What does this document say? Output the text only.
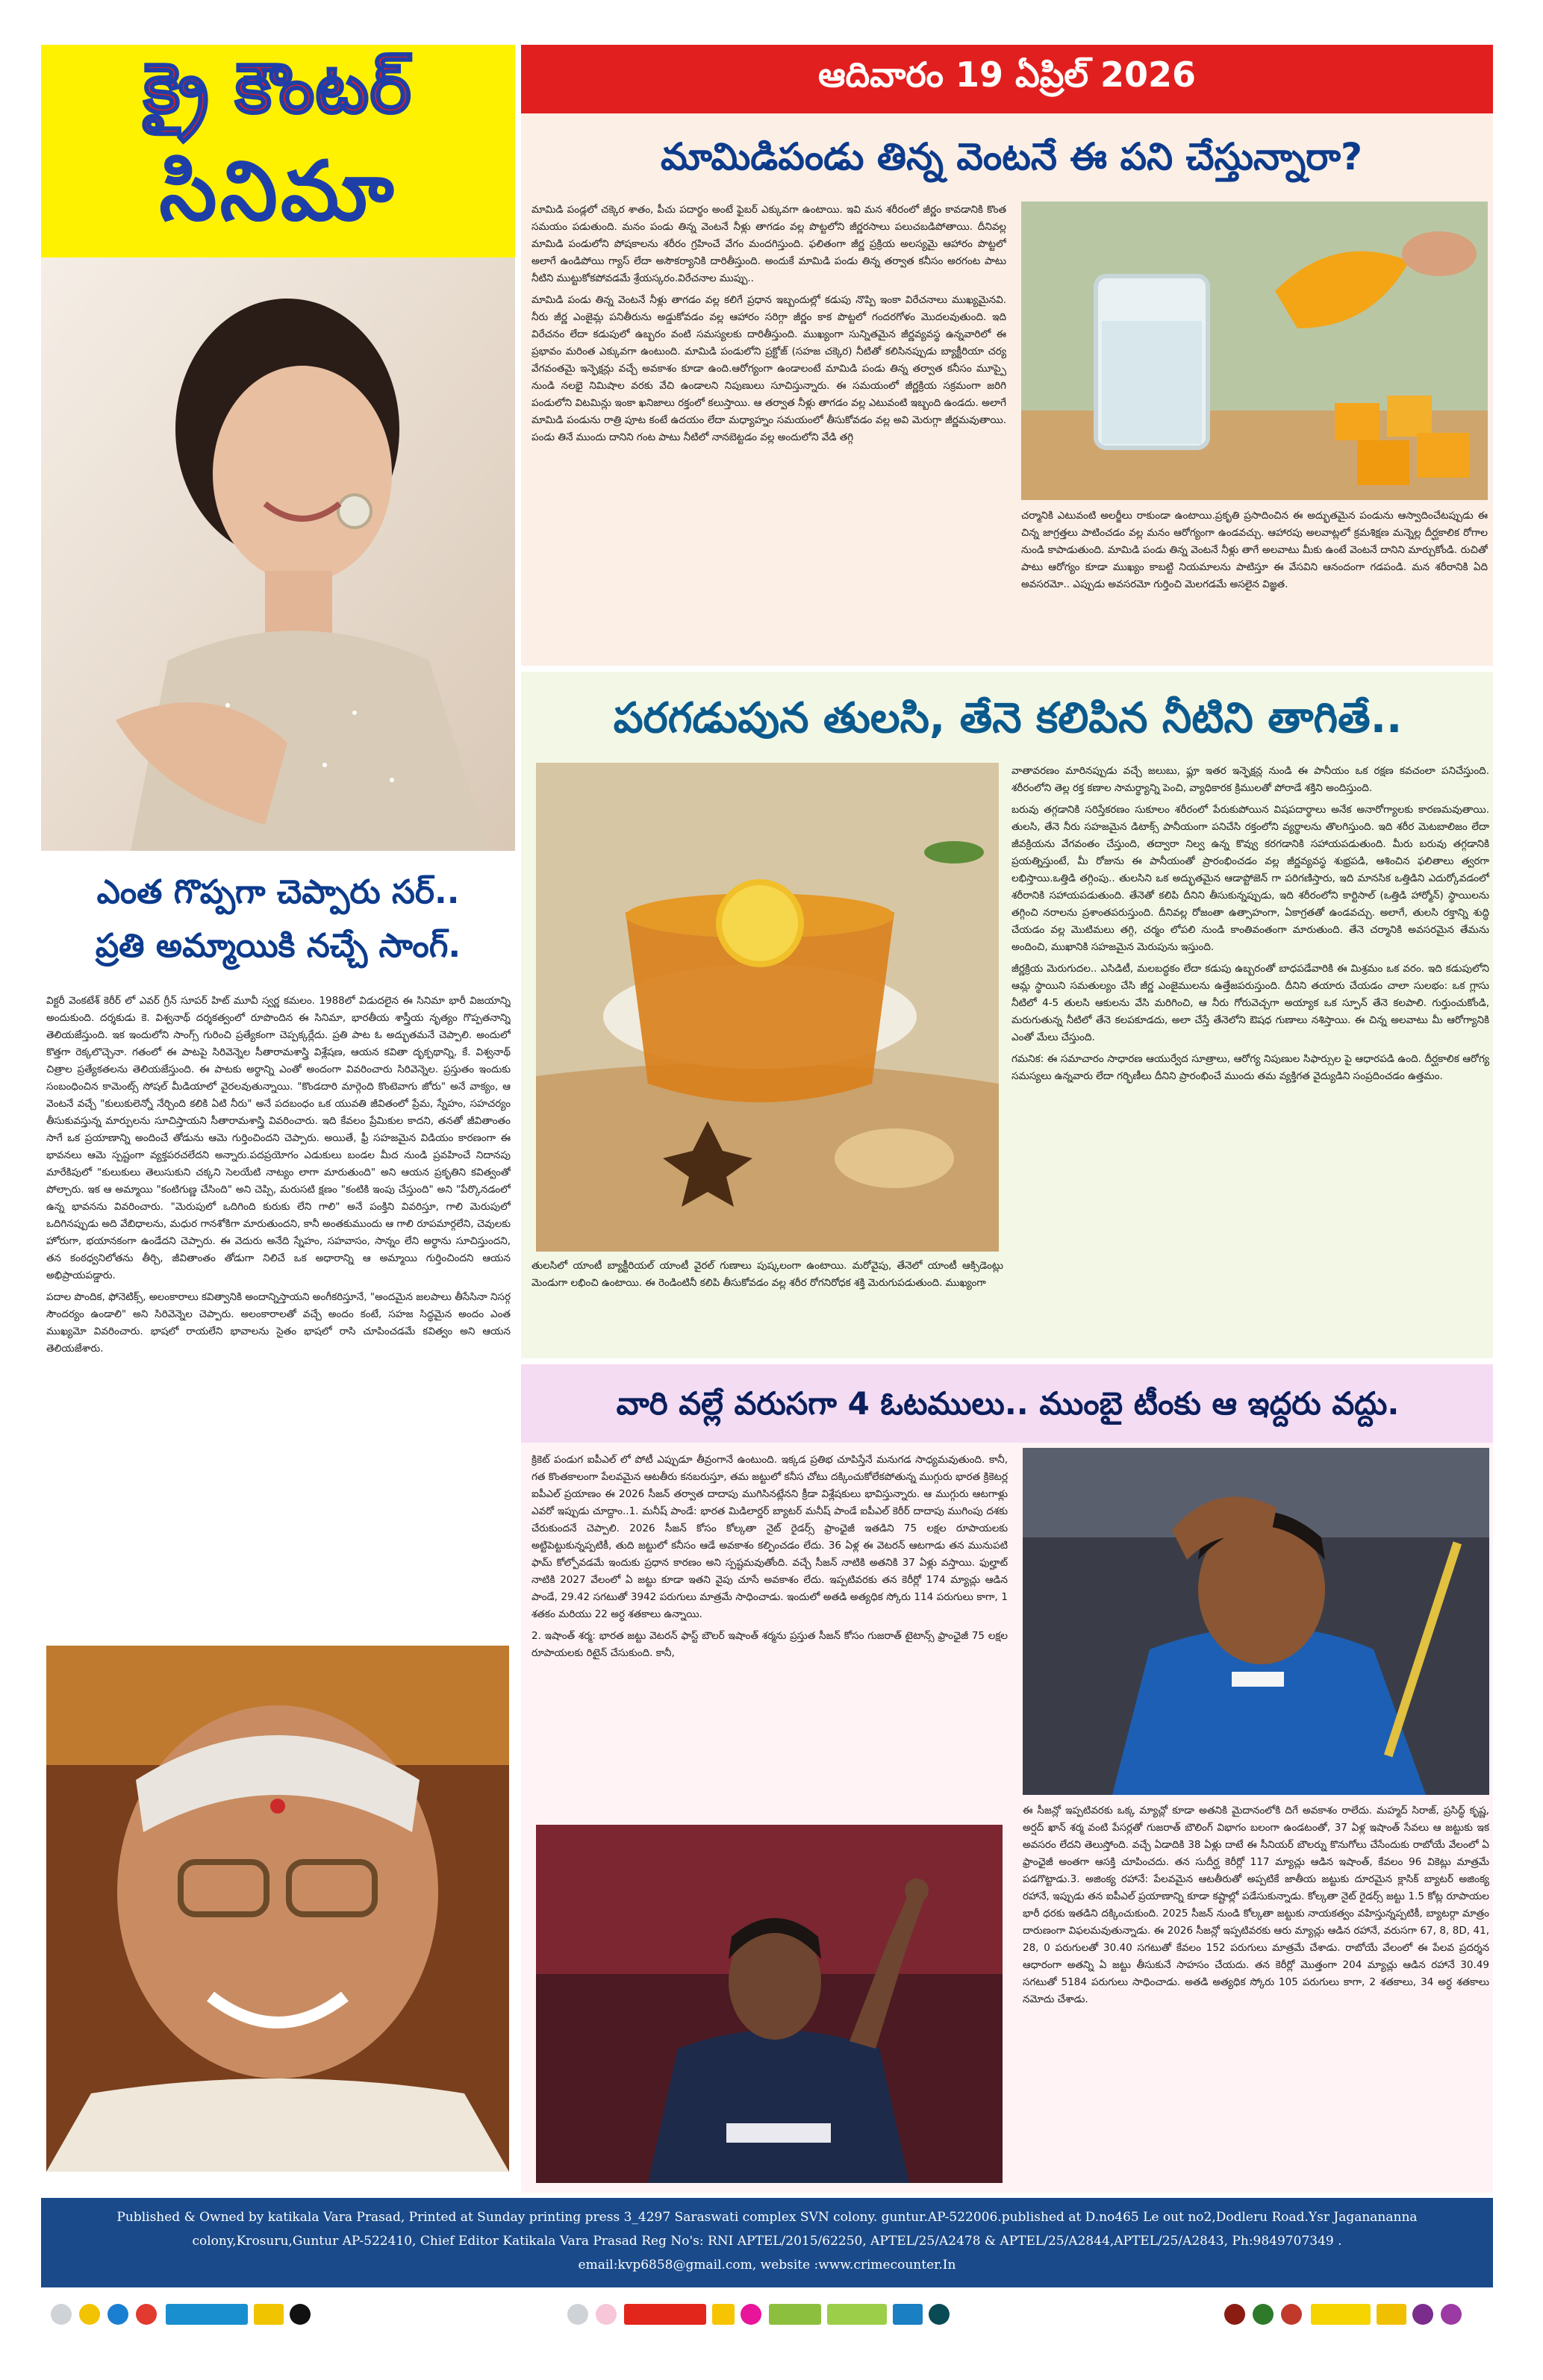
క్రై కౌంటర్
సినిమా
ఆదివారం 19 ఏప్రిల్ 2026
ఎంత గొప్పగా చెప్పారు సర్..
ప్రతి అమ్మాయికి నచ్చే సాంగ్.

విక్టరీ వెంకటేశ్ కెరీర్ లో ఎవర్ గ్రీన్ సూపర్ హిట్ మూవీ స్వర్ణ కమలం. 1988లో విడుదలైన ఈ సినిమా భారీ విజయాన్ని అందుకుంది. దర్శకుడు కె. విశ్వనాథ్ దర్శకత్వంలో రూపొందిన ఈ సినిమా, భారతీయ శాస్త్రీయ నృత్యం గొప్పతనాన్ని తెలియజేస్తుంది. ఇక ఇందులోని సాంగ్స్ గురించి ప్రత్యేకంగా చెప్పక్కర్లేదు. ప్రతి పాట ఓ అద్భుతమనే చెప్పాలి. అందులో కొత్తగా రెక్కలొచ్చెనా. గతంలో ఈ పాటపై సిరివెన్నెల సీతారామశాస్త్రి విశ్లేషణ, ఆయన కవితా దృక్పథాన్ని, కే. విశ్వనాథ్ చిత్రాల ప్రత్యేకతలను తెలియజేస్తుంది. ఈ పాటకు అర్థాన్ని ఎంతో అందంగా వివరించారు సిరివెన్నెల. ప్రస్తుతం ఇందుకు సంబంధించిన కామెంట్స్ సోషల్ మీడియాలో వైరలవుతున్నాయి. "కొండదారి మార్గెంది కొంటెవాగు జోరు" అనే వాక్యం, ఆ వెంటనే వచ్చే "కులుకులెన్నో నేర్చింది కలికి ఏటి నీరు" అనే పదబంధం ఒక యువతి జీవితంలో ప్రేమ, స్నేహం, సహచర్యం తీసుకువస్తున్న మార్పులను సూచిస్తాయని సీతారామశాస్త్రి వివరించారు. ఇది కేవలం ప్రేమికుల కాదని, తనతో జీవితాంతం సాగే ఒక ప్రయాణాన్ని అందించే తోడును ఆమె గుర్తించిందని చెప్పారు. అయితే, ఫ్రీ సహజమైన విడియం కారణంగా ఈ భావనలు ఆమె స్పష్టంగా వ్యక్తపరచలేదని అన్నారు.పదప్రయోగం ఎడుకులు బండల మీద నుండి ప్రవహించే నిదానపు మారేకిపులో "కులుకులు తెలుసుకుని చక్కని సెలయేటి నాట్యం లాగా మారుతుంది" అని ఆయన ప్రకృతిని కవిత్వంతో పోల్చారు. ఇక ఆ అమ్మాయి "కంటిగుణ్ణ చేసింది" అని చెప్పి, మరుసటి క్షణం "కంటికి ఇంపు చేస్తుంది" అని "పేర్కొనడంలో ఉన్న భావనను వివరించారు. "మెరుపులో ఒదిగింది కురుకు లేని గాలి" అనే పంక్తిని వివరిస్తూ, గాలి మెరుపులో ఒదిగినప్పుడు అది వేబిధాలను, మధుర గానశోకిగా మారుతుందని, కానీ అంతకుముందు ఆ గాలి రూపమార్గలేని, చెవులకు హోరుగా, భయానకంగా ఉండేదని చెప్పారు. ఈ వెదురు అనేది స్నేహం, సహవాసం, సాన్నం లేని అర్థాను సూచిస్తుందని, తన కంఠధ్వనిలోతను తీర్చి, జీవితాంతం తోడుగా నిలిచే ఒక అధారాన్ని ఆ అమ్మాయి గుర్తించిందని ఆయన అభిప్రాయపడ్డారు.

పదాల పొందిక, ఫోనెటిక్స్, అలంకారాలు కవిత్వానికి అందాన్నిస్తాయని అంగీకరిస్తూనే, "అందమైన జలపాలు తీసేసినా నిసర్గ సౌందర్యం ఉండాలి" అని సిరివెన్నెల చెప్పారు. అలంకారాలతో వచ్చే అందం కంటే, సహజ సిద్ధమైన అందం ఎంత ముఖ్యమో వివరించారు. భాషలో రాయలేని భావాలను సైతం భాషలో రాసి చూపించడమే కవిత్వం అని ఆయన తెలియజేశారు.

మామిడిపండు తిన్న వెంటనే ఈ పని చేస్తున్నారా?

మామిడి పండ్లలో చక్కెర శాతం, పీచు పదార్థం అంటే ఫైబర్ ఎక్కువగా ఉంటాయి. ఇవి మన శరీరంలో జీర్ణం కావడానికి కొంత సమయం పడుతుంది. మనం పండు తిన్న వెంటనే నీళ్లు తాగడం వల్ల పొట్టలోని జీర్ణరసాలు పలుచబడిపోతాయి. దీనివల్ల మామిడి పండులోని పోషకాలను శరీరం గ్రహించే వేగం మందగిస్తుంది. ఫలితంగా జీర్ణ ప్రక్రియ అలస్యమై ఆహారం పొట్టలో అలాగే ఉండిపోయి గ్యాస్ లేదా అసౌకర్యానికి దారితీస్తుంది. అందుకే మామిడి పండు తిన్న తర్వాత కనీసం అరగంట పాటు నీటిని ముట్టుకోకపోవడమే శ్రేయస్కరం.విరేచనాల ముప్పు..

మామిడి పండు తిన్న వెంటనే నీళ్లు తాగడం వల్ల కలిగే ప్రధాన ఇబ్బందుల్లో కడుపు నొప్పి ఇంకా విరేచనాలు ముఖ్యమైనవి. నీరు జీర్ణ ఎంజైమ్ల పనితీరును అడ్డుకోవడం వల్ల ఆహారం సరిగ్గా జీర్ణం కాక పొట్టలో గందరగోళం మొదలవుతుంది. ఇది విరేచనం లేదా కడుపులో ఉబ్బరం వంటి సమస్యలకు దారితీస్తుంది. ముఖ్యంగా సున్నితమైన జీర్ణవ్యవస్థ ఉన్నవారిలో ఈ ప్రభావం మరింత ఎక్కువగా ఉంటుంది. మామిడి పండులోని ప్రక్టోజ్ (సహజ చక్కెర) నీటితో కలిసినప్పుడు బ్యాక్టీరియా చర్య వేగవంతమై ఇన్ఫెక్షన్లు వచ్చే అవకాశం కూడా ఉంది.ఆరోగ్యంగా ఉండాలంటే మామిడి పండు తిన్న తర్వాత కనీసం మూప్పై నుండి నలభై నిమిషాల వరకు వేచి ఉండాలని నిపుణులు సూచిస్తున్నారు. ఈ సమయంలో జీర్ణక్రియ సక్రమంగా జరిగి పండులోని విటమిన్లు ఇంకా ఖనిజాలు రక్తంలో కలుస్తాయి. ఆ తర్వాత నీళ్లు తాగడం వల్ల ఎటువంటి ఇబ్బంది ఉండదు. అలాగే మామిడి పండును రాత్రి పూట కంటే ఉదయం లేదా మధ్యాహ్నం సమయంలో తీసుకోవడం వల్ల అవి మెరుగ్గా జీర్ణమవుతాయి. పండు తినే ముందు దానిని గంట పాటు నీటిలో నానబెట్టడం వల్ల అందులోని వేడి తగ్గి

చర్మానికి ఎటువంటి అలర్జీలు రాకుండా ఉంటాయి.ప్రకృతి ప్రసాదించిన ఈ అద్భుతమైన పండును ఆస్వాదించేటప్పుడు ఈ చిన్న జాగ్రత్తలు పాటించడం వల్ల మనం ఆరోగ్యంగా ఉండవచ్చు. ఆహారపు అలవాట్లలో క్రమశిక్షణ మన్నెల్ల దీర్ఘకాలిక రోగాల నుండి కాపాడుతుంది. మామిడి పండు తిన్న వెంటనే నీళ్లు తాగే అలవాటు మీకు ఉంటే వెంటనే దానిని మార్చుకోండి. రుచితో పాటు ఆరోగ్యం కూడా ముఖ్యం కాబట్టి నియమాలను పాటిస్తూ ఈ వేసవిని ఆనందంగా గడపండి. మన శరీరానికి ఏది అవసరమో.. ఎప్పుడు అవసరమో గుర్తించి మెలగడమే అసలైన విజ్ఞత.

పరగడుపున తులసి, తేనె కలిపిన నీటిని తాగితే..

తులసిలో యాంటీ బ్యాక్టీరియల్ యాంటీ వైరల్ గుణాలు పుష్కలంగా ఉంటాయి. మరోవైపు, తేనెలో యాంటీ ఆక్సిడెంట్లు మెండుగా లభించి ఉంటాయి. ఈ రెండింటినీ కలిపి తీసుకోవడం వల్ల శరీర రోగనిరోధక శక్తి మెరుగుపడుతుంది. ముఖ్యంగా

వాతావరణం మారినప్పుడు వచ్చే జలుబు, ఫ్లూ ఇతర ఇన్ఫెక్షన్ల నుండి ఈ పానీయం ఒక రక్షణ కవచంలా పనిచేస్తుంది. శరీరంలోని తెల్ల రక్త కణాల సామర్థ్యాన్ని పెంచి, వ్యాధికారక క్రిములతో పోరాడే శక్తిని అందిస్తుంది.

బరువు తగ్గడానికి సరిస్తేకరణం సుకూలం శరీరంలో పేరుకుపోయిన విషపదార్థాలు అనేక అనారోగ్యాలకు కారణమవుతాయి. తులసి, తేనె నీరు సహజమైన డిటాక్స్ పానీయంగా పనిచేసి రక్తంలోని వ్యర్థాలను తొలగిస్తుంది. ఇది శరీర మెటబాలిజం లేదా జీవక్రియను వేగవంతం చేస్తుంది, తద్వారా నిల్వ ఉన్న కొవ్వు కరగడానికి సహాయపడుతుంది. మీరు బరువు తగ్గడానికి ప్రయత్నిస్తుంటే, మీ రోజును ఈ పానీయంతో ప్రారంభించడం వల్ల జీర్ణవ్యవస్థ శుభ్రపడి, ఆశించిన ఫలితాలు త్వరగా లభిస్తాయి.ఒత్తిడి తగ్గింపు.. తులసిని ఒక అద్భుతమైన ఆడాప్టోజెన్ గా పరిగణిస్తారు, ఇది మానసిక ఒత్తిడిని ఎదుర్కోవడంలో శరీరానికి సహాయపడుతుంది. తేనెతో కలిపి దీనిని తీసుకున్నప్పుడు, ఇది శరీరంలోని కార్టిసాల్ (ఒత్తిడి హార్మోన్) స్థాయిలను తగ్గించి నరాలను ప్రశాంతపరుస్తుంది. దీనివల్ల రోజంతా ఉత్సాహంగా, ఏకాగ్రతతో ఉండవచ్చు. అలాగే, తులసి రక్తాన్ని శుద్ధి చేయడం వల్ల మొటిమలు తగ్గి, చర్మం లోపలి నుండి కాంతివంతంగా మారుతుంది. తేనె చర్మానికి అవసరమైన తేమను అందించి, ముఖానికి సహజమైన మెరుపును ఇస్తుంది.

జీర్ణక్రియ మెరుగుదల.. ఎసిడిటీ, మలబద్ధకం లేదా కడుపు ఉబ్బరంతో బాధపడేవారికి ఈ మిశ్రమం ఒక వరం. ఇది కడుపులోని ఆమ్ల స్థాయిని సమతుల్యం చేసి జీర్ణ ఎంజైములను ఉత్తేజపరుస్తుంది. దీనిని తయారు చేయడం చాలా సులభం: ఒక గ్లాసు నీటిలో 4-5 తులసి ఆకులను వేసి మరిగించి, ఆ నీరు గోరువెచ్చగా అయ్యాక ఒక స్పూన్ తేనె కలపాలి. గుర్తుంచుకోండి, మరుగుతున్న నీటిలో తేనె కలపకూడదు, అలా చేస్తే తేనెలోని ఔషధ గుణాలు నశిస్తాయి. ఈ చిన్న అలవాటు మీ ఆరోగ్యానికి ఎంతో మేలు చేస్తుంది.

గమనిక: ఈ సమాచారం సాధారణ ఆయుర్వేద సూత్రాలు, ఆరోగ్య నిపుణుల సిఫార్సుల పై ఆధారపడి ఉంది. దీర్ఘకాలిక ఆరోగ్య సమస్యలు ఉన్నవారు లేదా గర్భిణీలు దీనిని ప్రారంభించే ముందు తమ వ్యక్తిగత వైద్యుడిని సంప్రదించడం ఉత్తమం.

వారి వల్లే వరుసగా 4 ఓటములు.. ముంబై టీంకు ఆ ఇద్దరు వద్దు.

క్రికెట్ పండుగ ఐపీఎల్ లో పోటీ ఎప్పుడూ తీవ్రంగానే ఉంటుంది. ఇక్కడ ప్రతిభ చూపిస్తేనే మనుగడ సాధ్యమవుతుంది. కానీ, గత కొంతకాలంగా పేలవమైన ఆటతీరు కనబరుస్తూ, తమ జట్టులో కనీస చోటు దక్కించుకోలేకపోతున్న ముగ్గురు భారత క్రికెటర్ల ఐపీఎల్ ప్రయాణం ఈ 2026 సీజన్ తర్వాత దాదాపు ముగిసినట్లేనని క్రీడా విశ్లేషకులు భావిస్తున్నారు. ఆ ముగ్గురు ఆటగాళ్లు ఎవరో ఇప్పుడు చూద్దాం..1. మనీష్ పాండే: భారత మిడిలార్డర్ బ్యాటర్ మనీష్ పాండే ఐపీఎల్ కెరీర్ దాదాపు ముగింపు దశకు చేరుకుందనే చెప్పాలి. 2026 సీజన్ కోసం కోల్కతా నైట్ రైడర్స్ ఫ్రాంఛైజీ ఇతడిని 75 లక్షల రూపాయలకు అట్టిపెట్టుకున్నప్పటికీ, తుది జట్టులో కనీసం ఆడే అవకాశం కల్పించడం లేదు. 36 ఏళ్ల ఈ వెటరన్ ఆటగాడు తన మునుపటి ఫామ్ కోల్పోవడమే ఇందుకు ప్రధాన కారణం అని స్పష్టమవుతోంది. వచ్చే సీజన్ నాటికి అతనికి 37 ఏళ్లు వస్తాయి. ఫుల్హాట్ నాటికి 2027 వేలంలో ఏ జట్టు కూడా ఇతని వైపు చూసే అవకాశం లేదు. ఇప్పటివరకు తన కెరీర్లో 174 మ్యాచ్లు ఆడిన పాండే, 29.42 సగటుతో 3942 పరుగులు మాత్రమే సాధించాడు. ఇందులో అతడి అత్యధిక స్కోరు 114 పరుగులు కాగా, 1 శతకం మరియు 22 అర్ధ శతకాలు ఉన్నాయి.

2. ఇషాంత్ శర్మ: భారత జట్టు వెటరన్ ఫాస్ట్ బౌలర్ ఇషాంత్ శర్మను ప్రస్తుత సీజన్ కోసం గుజరాత్ టైటాన్స్ ఫ్రాంఛైజీ 75 లక్షల రూపాయలకు రిటైన్ చేసుకుంది. కానీ,

ఈ సీజన్లో ఇప్పటివరకు ఒక్క మ్యాచ్లో కూడా అతనికి మైదానంలోకి దిగే అవకాశం రాలేదు. మహ్మద్ సిరాజ్, ప్రసిద్ధ్ కృష్ణ, అర్షద్ ఖాన్ శర్మ వంటి పేసర్లతో గుజరాత్ బౌలింగ్ విభాగం బలంగా ఉండటంతో, 37 ఏళ్ల ఇషాంత్ సేవలు ఆ జట్టుకు ఇక అవసరం లేదని తెలుస్తోంది. వచ్చే ఏడాదికి 38 ఏళ్లు దాటే ఈ సీనియర్ బౌలర్ను కొనుగోలు చేసేందుకు రాబోయే వేలంలో ఏ ఫ్రాంఛైజీ అంతగా ఆసక్తి చూపించదు. తన సుదీర్ఘ కెరీర్లో 117 మ్యాచ్లు ఆడిన ఇషాంత్, కేవలం 96 వికెట్లు మాత్రమే పడగొట్టాడు.3. అజింక్య రహానే: పేలవమైన ఆటతీరుతో అప్పటికే జాతీయ జట్టుకు దూరమైన క్లాసిక్ బ్యాటర్ అజింక్య రహానే, ఇప్పుడు తన ఐపీఎల్ ప్రయాణాన్ని కూడా కష్టాల్లో పడేసుకున్నాడు. కోల్కతా నైట్ రైడర్స్ జట్టు 1.5 కోట్ల రూపాయల భారీ ధరకు ఇతడిని దక్కించుకుంది. 2025 సీజన్ నుండి కోల్కతా జట్టుకు నాయకత్వం వహిస్తున్నప్పటికీ, బ్యాటర్గా మాత్రం దారుణంగా విఫలమవుతున్నాడు. ఈ 2026 సీజన్లో ఇప్పటివరకు ఆరు మ్యాచ్లు ఆడిన రహానే, వరుసగా 67, 8, 8D, 41, 28, 0 పరుగులతో 30.40 సగటుతో కేవలం 152 పరుగులు మాత్రమే చేశాడు. రాబోయే వేలంలో ఈ పేలవ ప్రదర్శన ఆధారంగా అతన్ని ఏ జట్టు తీసుకునే సాహసం చేయదు. తన కెరీర్లో మొత్తంగా 204 మ్యాచ్లు ఆడిన రహానే 30.49 సగటుతో 5184 పరుగులు సాధించాడు. అతడి అత్యధిక స్కోరు 105 పరుగులు కాగా, 2 శతకాలు, 34 అర్ధ శతకాలు నమోదు చేశాడు.

Published & Owned by katikala Vara Prasad, Printed at Sunday printing press 3_4297 Saraswati complex SVN colony. guntur.AP-522006.published at D.no465 Le out no2,Dodleru Road.Ysr Jaganananna
colony,Krosuru,Guntur AP-522410, Chief Editor Katikala Vara Prasad Reg No's: RNI APTEL/2015/62250, APTEL/25/A2478 & APTEL/25/A2844,APTEL/25/A2843, Ph:9849707349 .
email:kvp6858@gmail.com, website :www.crimecounter.In
